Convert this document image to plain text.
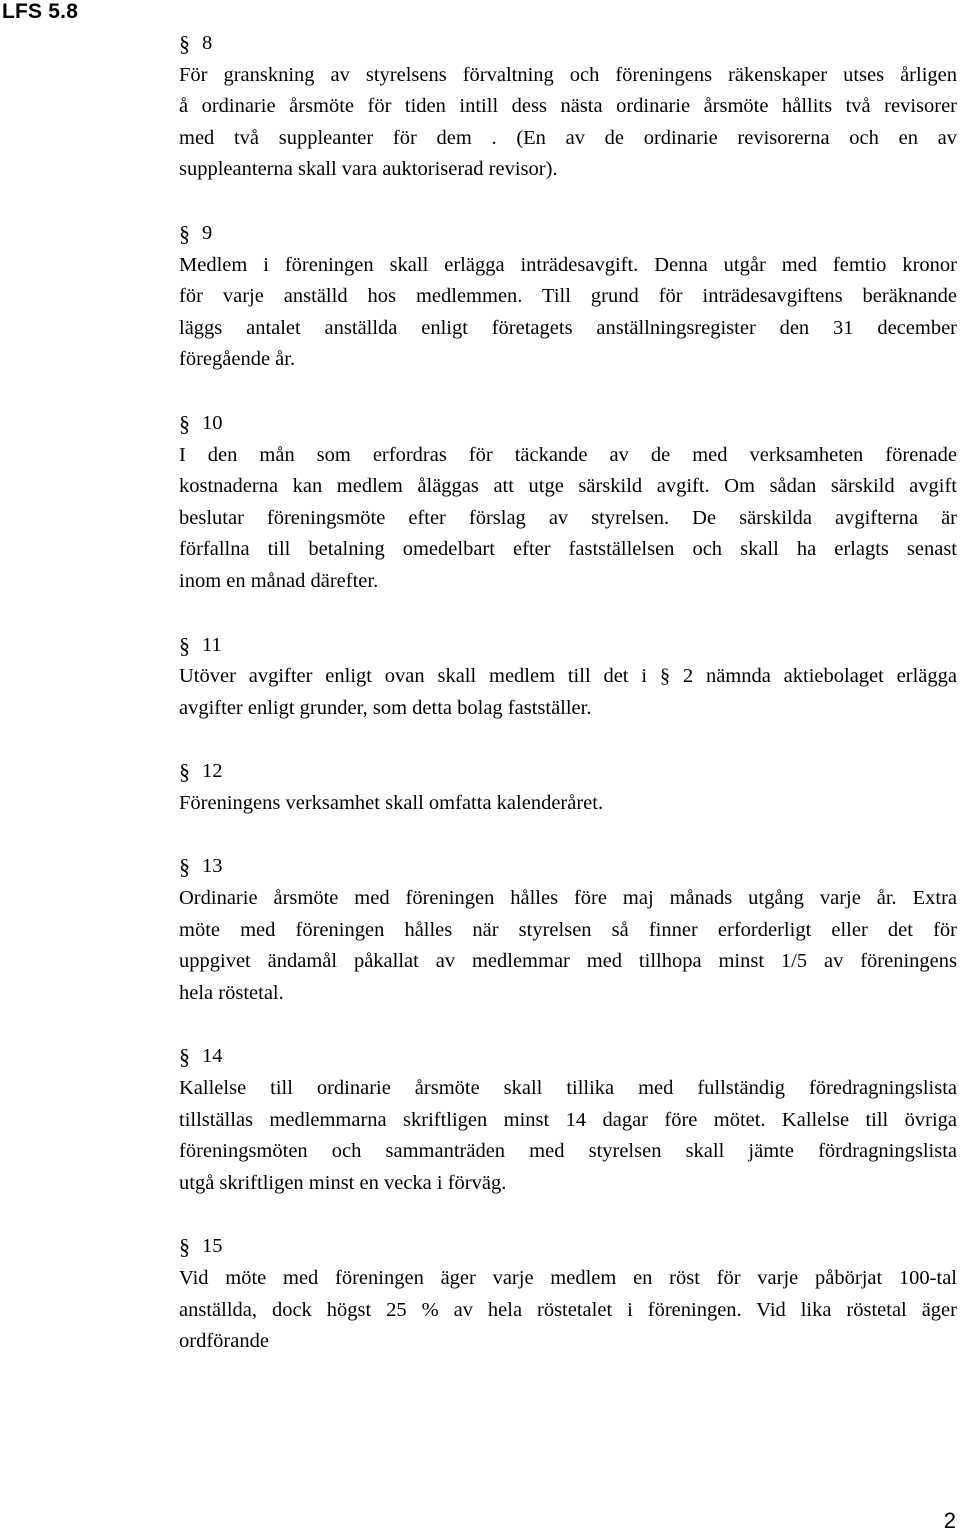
LFS 5.8
§ 8
För granskning av styrelsens förvaltning och föreningens räkenskaper utses årligen
å ordinarie årsmöte för tiden intill dess nästa ordinarie årsmöte hållits två revisorer
med två suppleanter för dem . (En av de ordinarie revisorerna och en av
suppleanterna skall vara auktoriserad revisor).
§ 9
Medlem i föreningen skall erlägga inträdesavgift. Denna utgår med femtio kronor
för varje anställd hos medlemmen. Till grund för inträdesavgiftens beräknande
läggs antalet anställda enligt företagets anställningsregister den 31 december
föregående år.
§ 10
I den mån som erfordras för täckande av de med verksamheten förenade
kostnaderna kan medlem åläggas att utge särskild avgift. Om sådan särskild avgift
beslutar föreningsmöte efter förslag av styrelsen. De särskilda avgifterna är
förfallna till betalning omedelbart efter fastställelsen och skall ha erlagts senast
inom en månad därefter.
§ 11
Utöver avgifter enligt ovan skall medlem till det i § 2 nämnda aktiebolaget erlägga
avgifter enligt grunder, som detta bolag fastställer.
§ 12
Föreningens verksamhet skall omfatta kalenderåret.
§ 13
Ordinarie årsmöte med föreningen hålles före maj månads utgång varje år. Extra
möte med föreningen hålles när styrelsen så finner erforderligt eller det för
uppgivet ändamål påkallat av medlemmar med tillhopa minst 1/5 av föreningens
hela röstetal.
§ 14
Kallelse till ordinarie årsmöte skall tillika med fullständig föredragningslista
tillställas medlemmarna skriftligen minst 14 dagar före mötet. Kallelse till övriga
föreningsmöten och sammanträden med styrelsen skall jämte fördragningslista
utgå skriftligen minst en vecka i förväg.
§ 15
Vid möte med föreningen äger varje medlem en röst för varje påbörjat 100-tal
anställda, dock högst 25 % av hela röstetalet i föreningen. Vid lika röstetal äger
ordförande
2
